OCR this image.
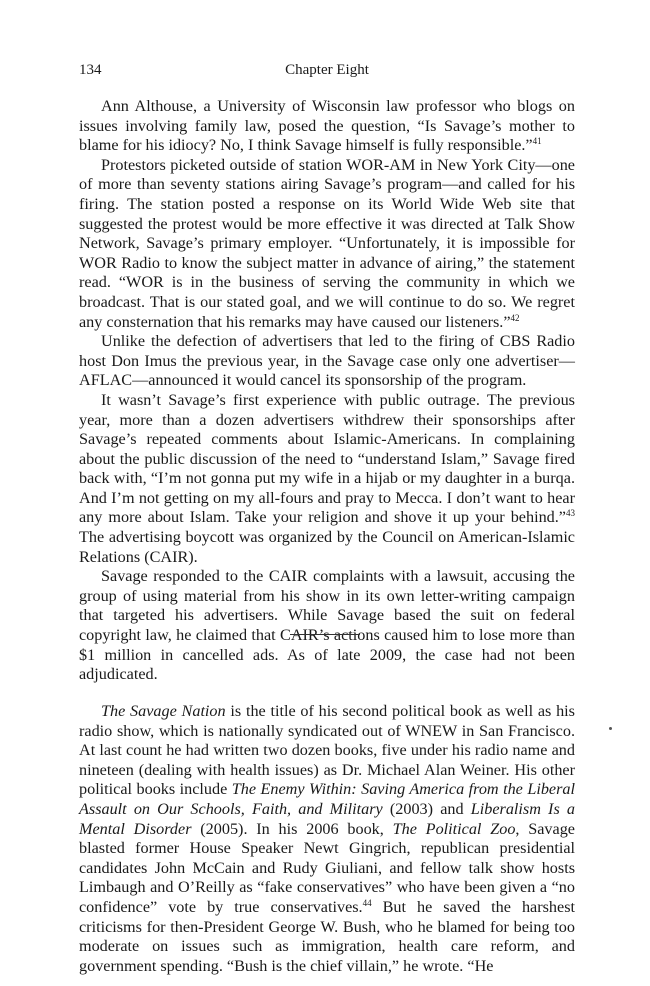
134	Chapter Eight

Ann Althouse, a University of Wisconsin law professor who blogs on issues involving family law, posed the question, “Is Savage’s mother to blame for his idiocy? No, I think Savage himself is fully responsible.”$^{41}$

Protestors picketed outside of station WOR-AM in New York City—one of more than seventy stations airing Savage’s program—and called for his firing. The station posted a response on its World Wide Web site that suggested the protest would be more effective it was directed at Talk Show Network, Savage’s primary employer. “Unfortunately, it is impossible for WOR Radio to know the subject matter in advance of airing,” the statement read. “WOR is in the business of serving the community in which we broadcast. That is our stated goal, and we will continue to do so. We regret any consternation that his remarks may have caused our listeners.”$^{42}$

Unlike the defection of advertisers that led to the firing of CBS Radio host Don Imus the previous year, in the Savage case only one advertiser—AFLAC—announced it would cancel its sponsorship of the program.

It wasn’t Savage’s first experience with public outrage. The previous year, more than a dozen advertisers withdrew their sponsorships after Savage’s repeated comments about Islamic-Americans. In complaining about the public discussion of the need to “understand Islam,” Savage fired back with, “I’m not gonna put my wife in a hijab or my daughter in a burqa. And I’m not getting on my all-fours and pray to Mecca. I don’t want to hear any more about Islam. Take your religion and shove it up your behind.”$^{43}$ The advertising boycott was organized by the Council on American-Islamic Relations (CAIR).

Savage responded to the CAIR complaints with a lawsuit, accusing the group of using material from his show in its own letter-writing campaign that targeted his advertisers. While Savage based the suit on federal copyright law, he claimed that CAIR’s actions caused him to lose more than $1 million in cancelled ads. As of late 2009, the case had not been adjudicated.

The Savage Nation is the title of his second political book as well as his radio show, which is nationally syndicated out of WNEW in San Francisco. At last count he had written two dozen books, five under his radio name and nineteen (dealing with health issues) as Dr. Michael Alan Weiner. His other political books include The Enemy Within: Saving America from the Liberal Assault on Our Schools, Faith, and Military (2003) and Liberalism Is a Mental Disorder (2005). In his 2006 book, The Political Zoo, Savage blasted former House Speaker Newt Gingrich, republican presidential candidates John McCain and Rudy Giuliani, and fellow talk show hosts Limbaugh and O’Reilly as “fake conservatives” who have been given a “no confidence” vote by true conservatives.$^{44}$ But he saved the harshest criticisms for then-President George W. Bush, who he blamed for being too moderate on issues such as immigration, health care reform, and government spending. “Bush is the chief villain,” he wrote. “He
